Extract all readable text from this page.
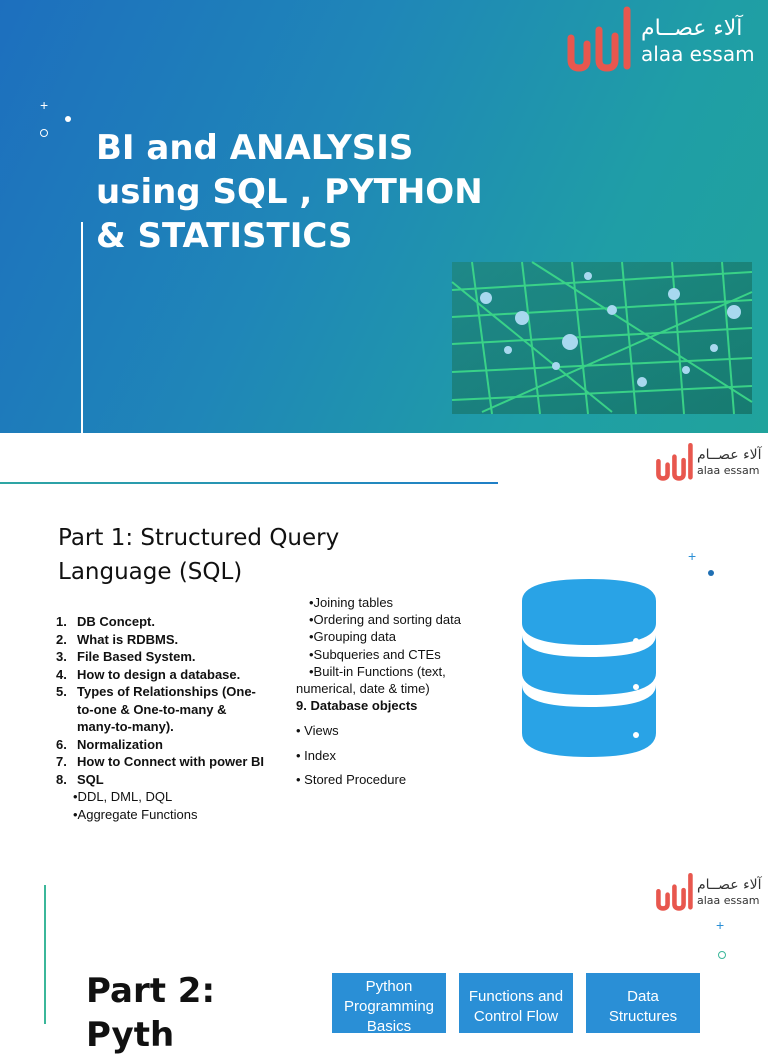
آلاء عصــام
alaa essam
+
BI and ANALYSIS
using SQL , PYTHON
& STATISTICS
آلاء عصــام
alaa essam
Part 1: Structured Query
Language (SQL)
1. DB Concept.
2. What is RDBMS.
3. File Based System.
4. How to design a database.
5. Types of Relationships (One-
to-one & One-to-many &
many-to-many).
6. Normalization
7. How to Connect with power BI
8. SQL
•DDL, DML, DQL
•Aggregate Functions
•Joining tables
•Ordering and sorting data
•Grouping data
•Subqueries and CTEs
•Built-in Functions (text,
numerical, date & time)
9. Database objects
• Views
• Index
• Stored Procedure
+
آلاء عصــام
alaa essam
+
Part 2:
Pyth
Python
Programming
Basics
Functions and
Control Flow
Data
Structures
